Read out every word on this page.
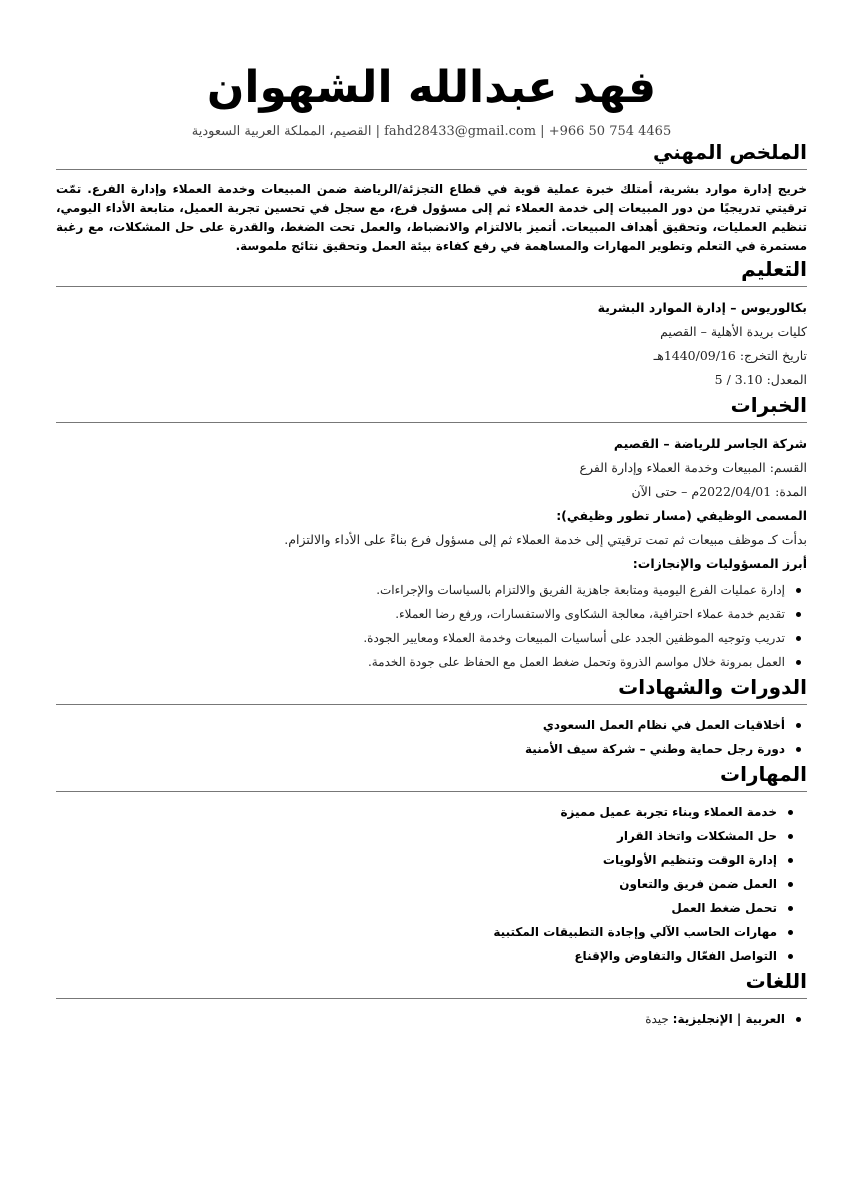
فهد عبدالله الشهوان
+966 50 754 4465 | fahd28433@gmail.com | القصيم، المملكة العربية السعودية
الملخص المهني
خريج إدارة موارد بشرية، أمتلك خبرة عملية قوية في قطاع التجزئة/الرياضة ضمن المبيعات وخدمة العملاء وإدارة الفرع. تمّت ترقيتي تدريجيًا من دور المبيعات إلى خدمة العملاء ثم إلى مسؤول فرع، مع سجل في تحسين تجربة العميل، متابعة الأداء اليومي، تنظيم العمليات، وتحقيق أهداف المبيعات. أتميز بالالتزام والانضباط، والعمل تحت الضغط، والقدرة على حل المشكلات، مع رغبة مستمرة في التعلم وتطوير المهارات والمساهمة في رفع كفاءة بيئة العمل وتحقيق نتائج ملموسة.
التعليم
بكالوريوس – إدارة الموارد البشرية
كليات بريدة الأهلية – القصيم
تاريخ التخرج: 1440/09/16هـ
المعدل: 3.10 / 5
الخبرات
شركة الجاسر للرياضة – القصيم
القسم: المبيعات وخدمة العملاء وإدارة الفرع
المدة: 2022/04/01م – حتى الآن
المسمى الوظيفي (مسار تطور وظيفي):
بدأت كـ موظف مبيعات ثم تمت ترقيتي إلى خدمة العملاء ثم إلى مسؤول فرع بناءً على الأداء والالتزام.
أبرز المسؤوليات والإنجازات:
إدارة عمليات الفرع اليومية ومتابعة جاهزية الفريق والالتزام بالسياسات والإجراءات.
تقديم خدمة عملاء احترافية، معالجة الشكاوى والاستفسارات، ورفع رضا العملاء.
تدريب وتوجيه الموظفين الجدد على أساسيات المبيعات وخدمة العملاء ومعايير الجودة.
العمل بمرونة خلال مواسم الذروة وتحمل ضغط العمل مع الحفاظ على جودة الخدمة.
الدورات والشهادات
أخلاقيات العمل في نظام العمل السعودي
دورة رجل حماية وطني – شركة سيف الأمنية
المهارات
خدمة العملاء وبناء تجربة عميل مميزة
حل المشكلات واتخاذ القرار
إدارة الوقت وتنظيم الأولويات
العمل ضمن فريق والتعاون
تحمل ضغط العمل
مهارات الحاسب الآلي وإجادة التطبيقات المكتبية
التواصل الفعّال والتفاوض والإقناع
اللغات
العربية | الإنجليزية: جيدة
